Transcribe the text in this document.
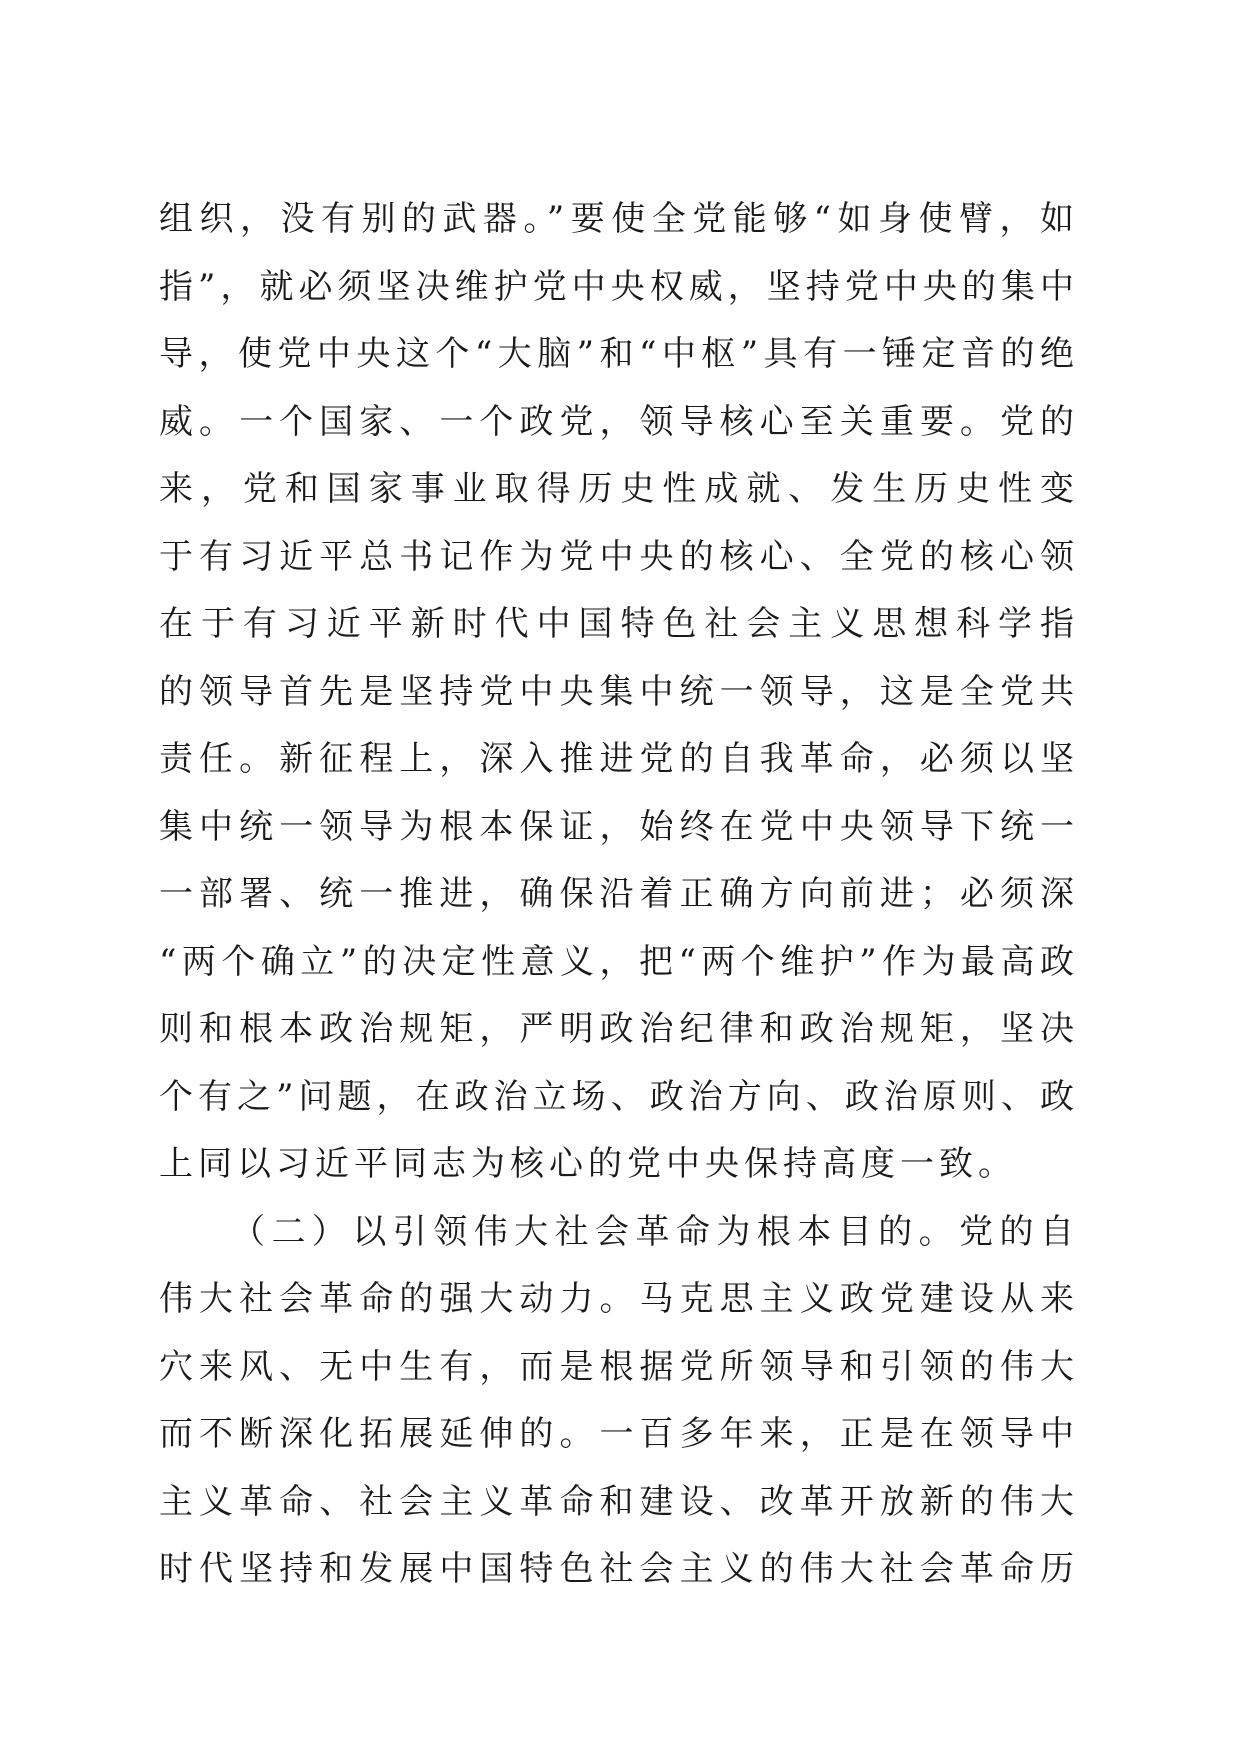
组织，没有别的武器。”要使全党能够“如身使臂，如
指”，就必须坚决维护党中央权威，坚持党中央的集中
导，使党中央这个“大脑”和“中枢”具有一锤定音的绝
威。一个国家、一个政党，领导核心至关重要。党的
来，党和国家事业取得历史性成就、发生历史性变
于有习近平总书记作为党中央的核心、全党的核心领
在于有习近平新时代中国特色社会主义思想科学指
的领导首先是坚持党中央集中统一领导，这是全党共
责任。新征程上，深入推进党的自我革命，必须以坚
集中统一领导为根本保证，始终在党中央领导下统一
一部署、统一推进，确保沿着正确方向前进；必须深
“两个确立”的决定性意义，把“两个维护”作为最高政
则和根本政治规矩，严明政治纪律和政治规矩，坚决
个有之”问题，在政治立场、政治方向、政治原则、政
上同以习近平同志为核心的党中央保持高度一致。
（二）以引领伟大社会革命为根本目的。党的自
伟大社会革命的强大动力。马克思主义政党建设从来
穴来风、无中生有，而是根据党所领导和引领的伟大
而不断深化拓展延伸的。一百多年来，正是在领导中
主义革命、社会主义革命和建设、改革开放新的伟大
时代坚持和发展中国特色社会主义的伟大社会革命历
